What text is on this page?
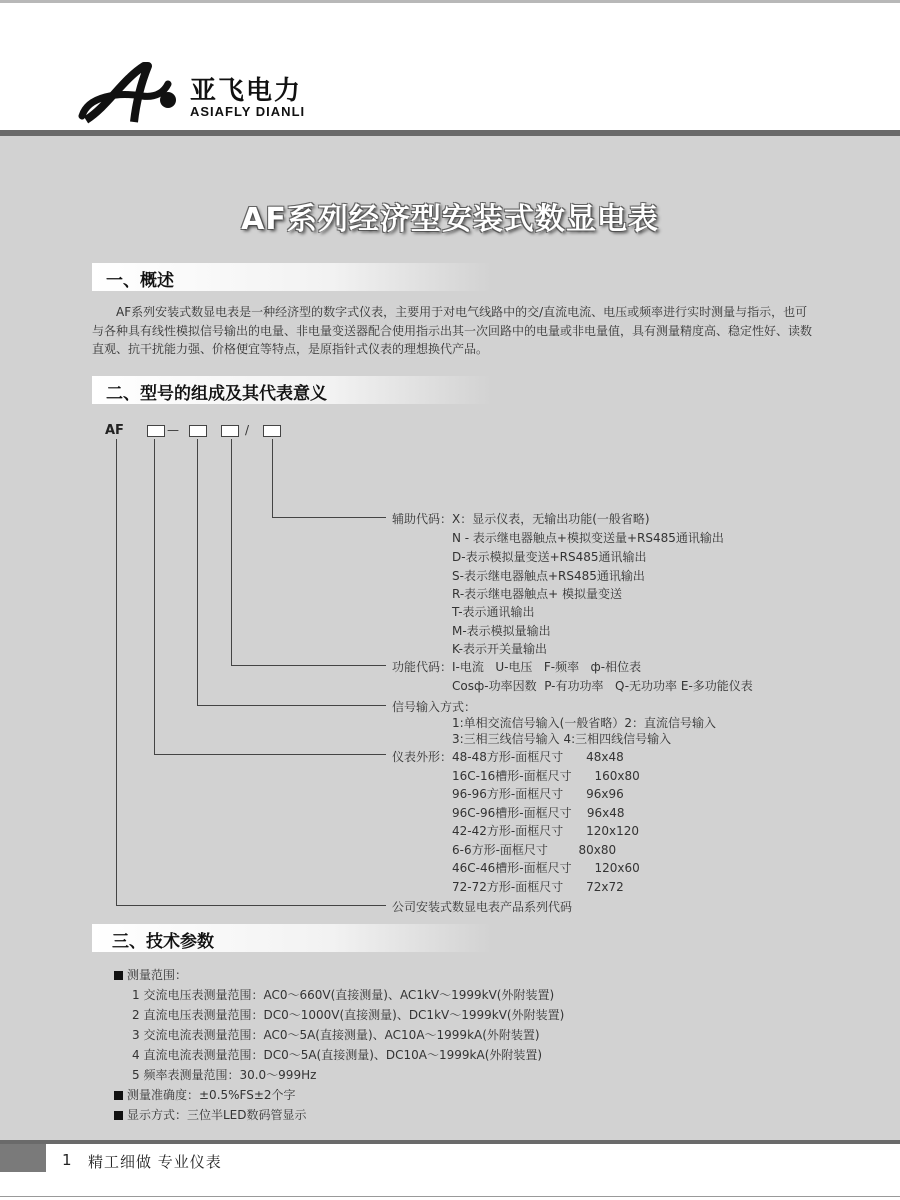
亚飞电力
ASIAFLY DIANLI
AF系列经济型安装式数显电表
一、概述
AF系列安装式数显电表是一种经济型的数字式仪表，主要用于对电气线路中的交/直流电流、电压或频率进行实时测量与指示，也可与各种具有线性模拟信号输出的电量、非电量变送器配合使用指示出其一次回路中的电量或非电量值，具有测量精度高、稳定性好、读数直观、抗干扰能力强、价格便宜等特点，是原指针式仪表的理想换代产品。
二、型号的组成及其代表意义
AF	—	/
辅助代码： X：显示仪表，无输出功能(一般省略)
N - 表示继电器触点+模拟变送量+RS485通讯输出
D-表示模拟量变送+RS485通讯输出
S-表示继电器触点+RS485通讯输出
R-表示继电器触点+ 模拟量变送
T-表示通讯输出
M-表示模拟量输出
K-表示开关量输出
功能代码： I-电流   U-电压   F-频率   ф-相位表
Cosф-功率因数  P-有功功率   Q-无功功率 E-多功能仪表
信号输入方式：
1:单相交流信号输入(一般省略）2：直流信号输入
3:三相三线信号输入 4:三相四线信号输入
仪表外形： 48-48方形-面框尺寸      48x48
16C-16槽形-面框尺寸      160x80
96-96方形-面框尺寸      96x96
96C-96槽形-面框尺寸    96x48
42-42方形-面框尺寸      120x120
6-6方形-面框尺寸        80x80
46C-46槽形-面框尺寸      120x60
72-72方形-面框尺寸      72x72
公司安装式数显电表产品系列代码
三、技术参数
测量范围：
1 交流电压表测量范围：AC0～660V(直接测量)、AC1kV～1999kV(外附装置)
2 直流电压表测量范围：DC0～1000V(直接测量)、DC1kV～1999kV(外附装置)
3 交流电流表测量范围：AC0～5A(直接测量)、AC10A～1999kA(外附装置)
4 直流电流表测量范围：DC0～5A(直接测量)、DC10A～1999kA(外附装置)
5 频率表测量范围：30.0～999Hz
测量准确度：±0.5%FS±2个字
显示方式：三位半LED数码管显示
1 精工细做 专业仪表
